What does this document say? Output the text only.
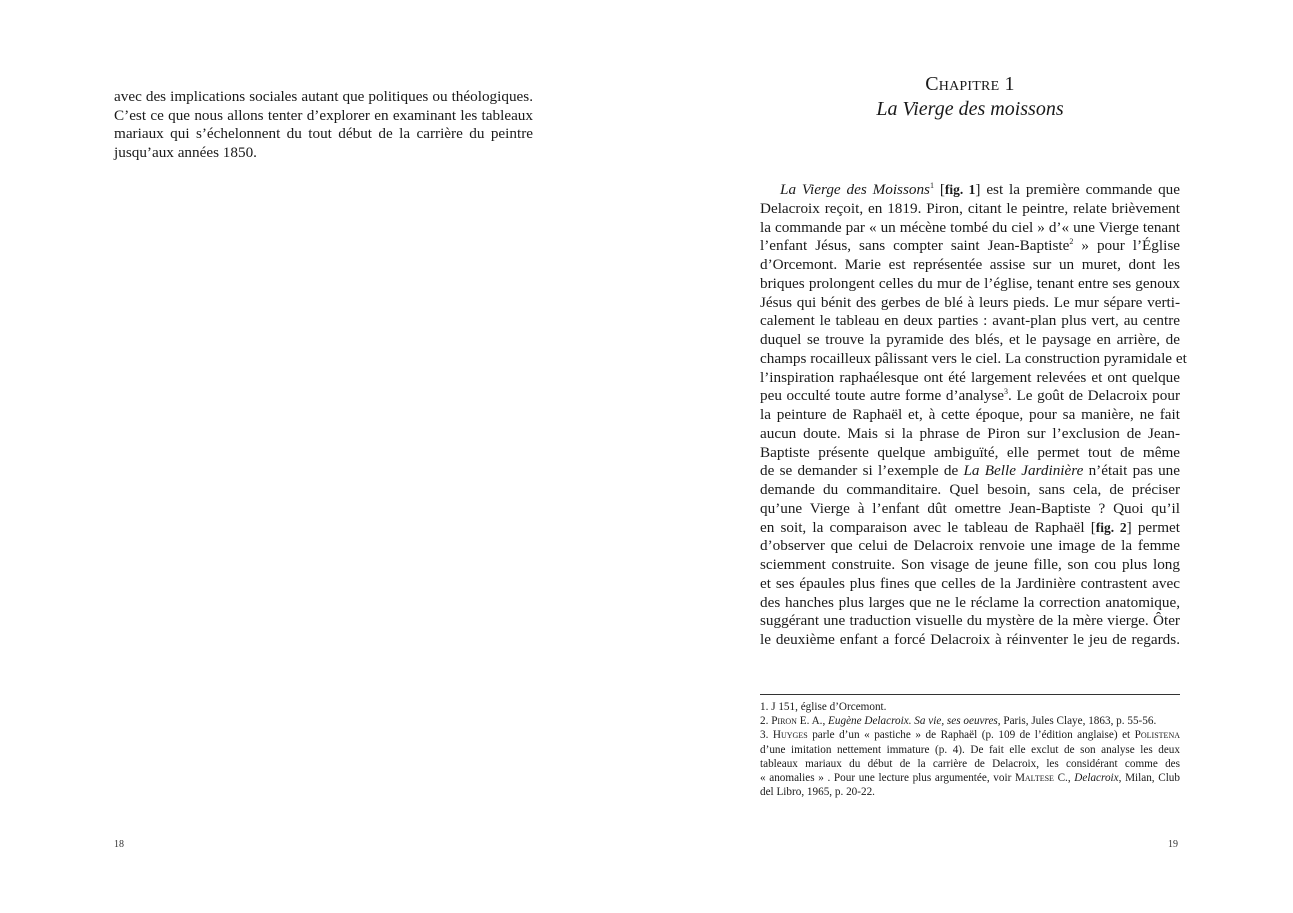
avec des implications sociales autant que politiques ou théologiques.
C’est ce que nous allons tenter d’explorer en examinant les tableaux
mariaux qui s’échelonnent du tout début de la carrière du peintre
jusqu’aux années 1850.

18
Chapitre 1
La Vierge des moissons
La Vierge des Moissons$^1$ [fig. 1] est la première commande que
Delacroix reçoit, en 1819. Piron, citant le peintre, relate brièvement
la commande par « un mécène tombé du ciel » d’« une Vierge tenant
l’enfant Jésus, sans compter saint Jean-Baptiste$^2$ » pour l’Église
d’Orcemont. Marie est représentée assise sur un muret, dont les
briques prolongent celles du mur de l’église, tenant entre ses genoux
Jésus qui bénit des gerbes de blé à leurs pieds. Le mur sépare verti-
calement le tableau en deux parties : avant-plan plus vert, au centre
duquel se trouve la pyramide des blés, et le paysage en arrière, de
champs rocailleux pâlissant vers le ciel. La construction pyramidale et
l’inspiration raphaélesque ont été largement relevées et ont quelque
peu occulté toute autre forme d’analyse$^3$. Le goût de Delacroix pour
la peinture de Raphaël et, à cette époque, pour sa manière, ne fait
aucun doute. Mais si la phrase de Piron sur l’exclusion de Jean-
Baptiste présente quelque ambiguïté, elle permet tout de même
de se demander si l’exemple de La Belle Jardinière n’était pas une
demande du commanditaire. Quel besoin, sans cela, de préciser
qu’une Vierge à l’enfant dût omettre Jean-Baptiste ? Quoi qu’il
en soit, la comparaison avec le tableau de Raphaël [fig. 2] permet
d’observer que celui de Delacroix renvoie une image de la femme
sciemment construite. Son visage de jeune fille, son cou plus long
et ses épaules plus fines que celles de la Jardinière contrastent avec
des hanches plus larges que ne le réclame la correction anatomique,
suggérant une traduction visuelle du mystère de la mère vierge. Ôter
le deuxième enfant a forcé Delacroix à réinventer le jeu de regards.

1. J 151, église d’Orcemont.

2. Piron E. A., Eugène Delacroix. Sa vie, ses oeuvres, Paris, Jules Claye, 1863, p. 55-56.

3. Huyges parle d’un « pastiche » de Raphaël (p. 109 de l’édition anglaise) et Polistena
d’une imitation nettement immature (p. 4). De fait elle exclut de son analyse les deux
tableaux mariaux du début de la carrière de Delacroix, les considérant comme des
« anomalies » . Pour une lecture plus argumentée, voir Maltese C., Delacroix, Milan, Club
del Libro, 1965, p. 20-22.
19
